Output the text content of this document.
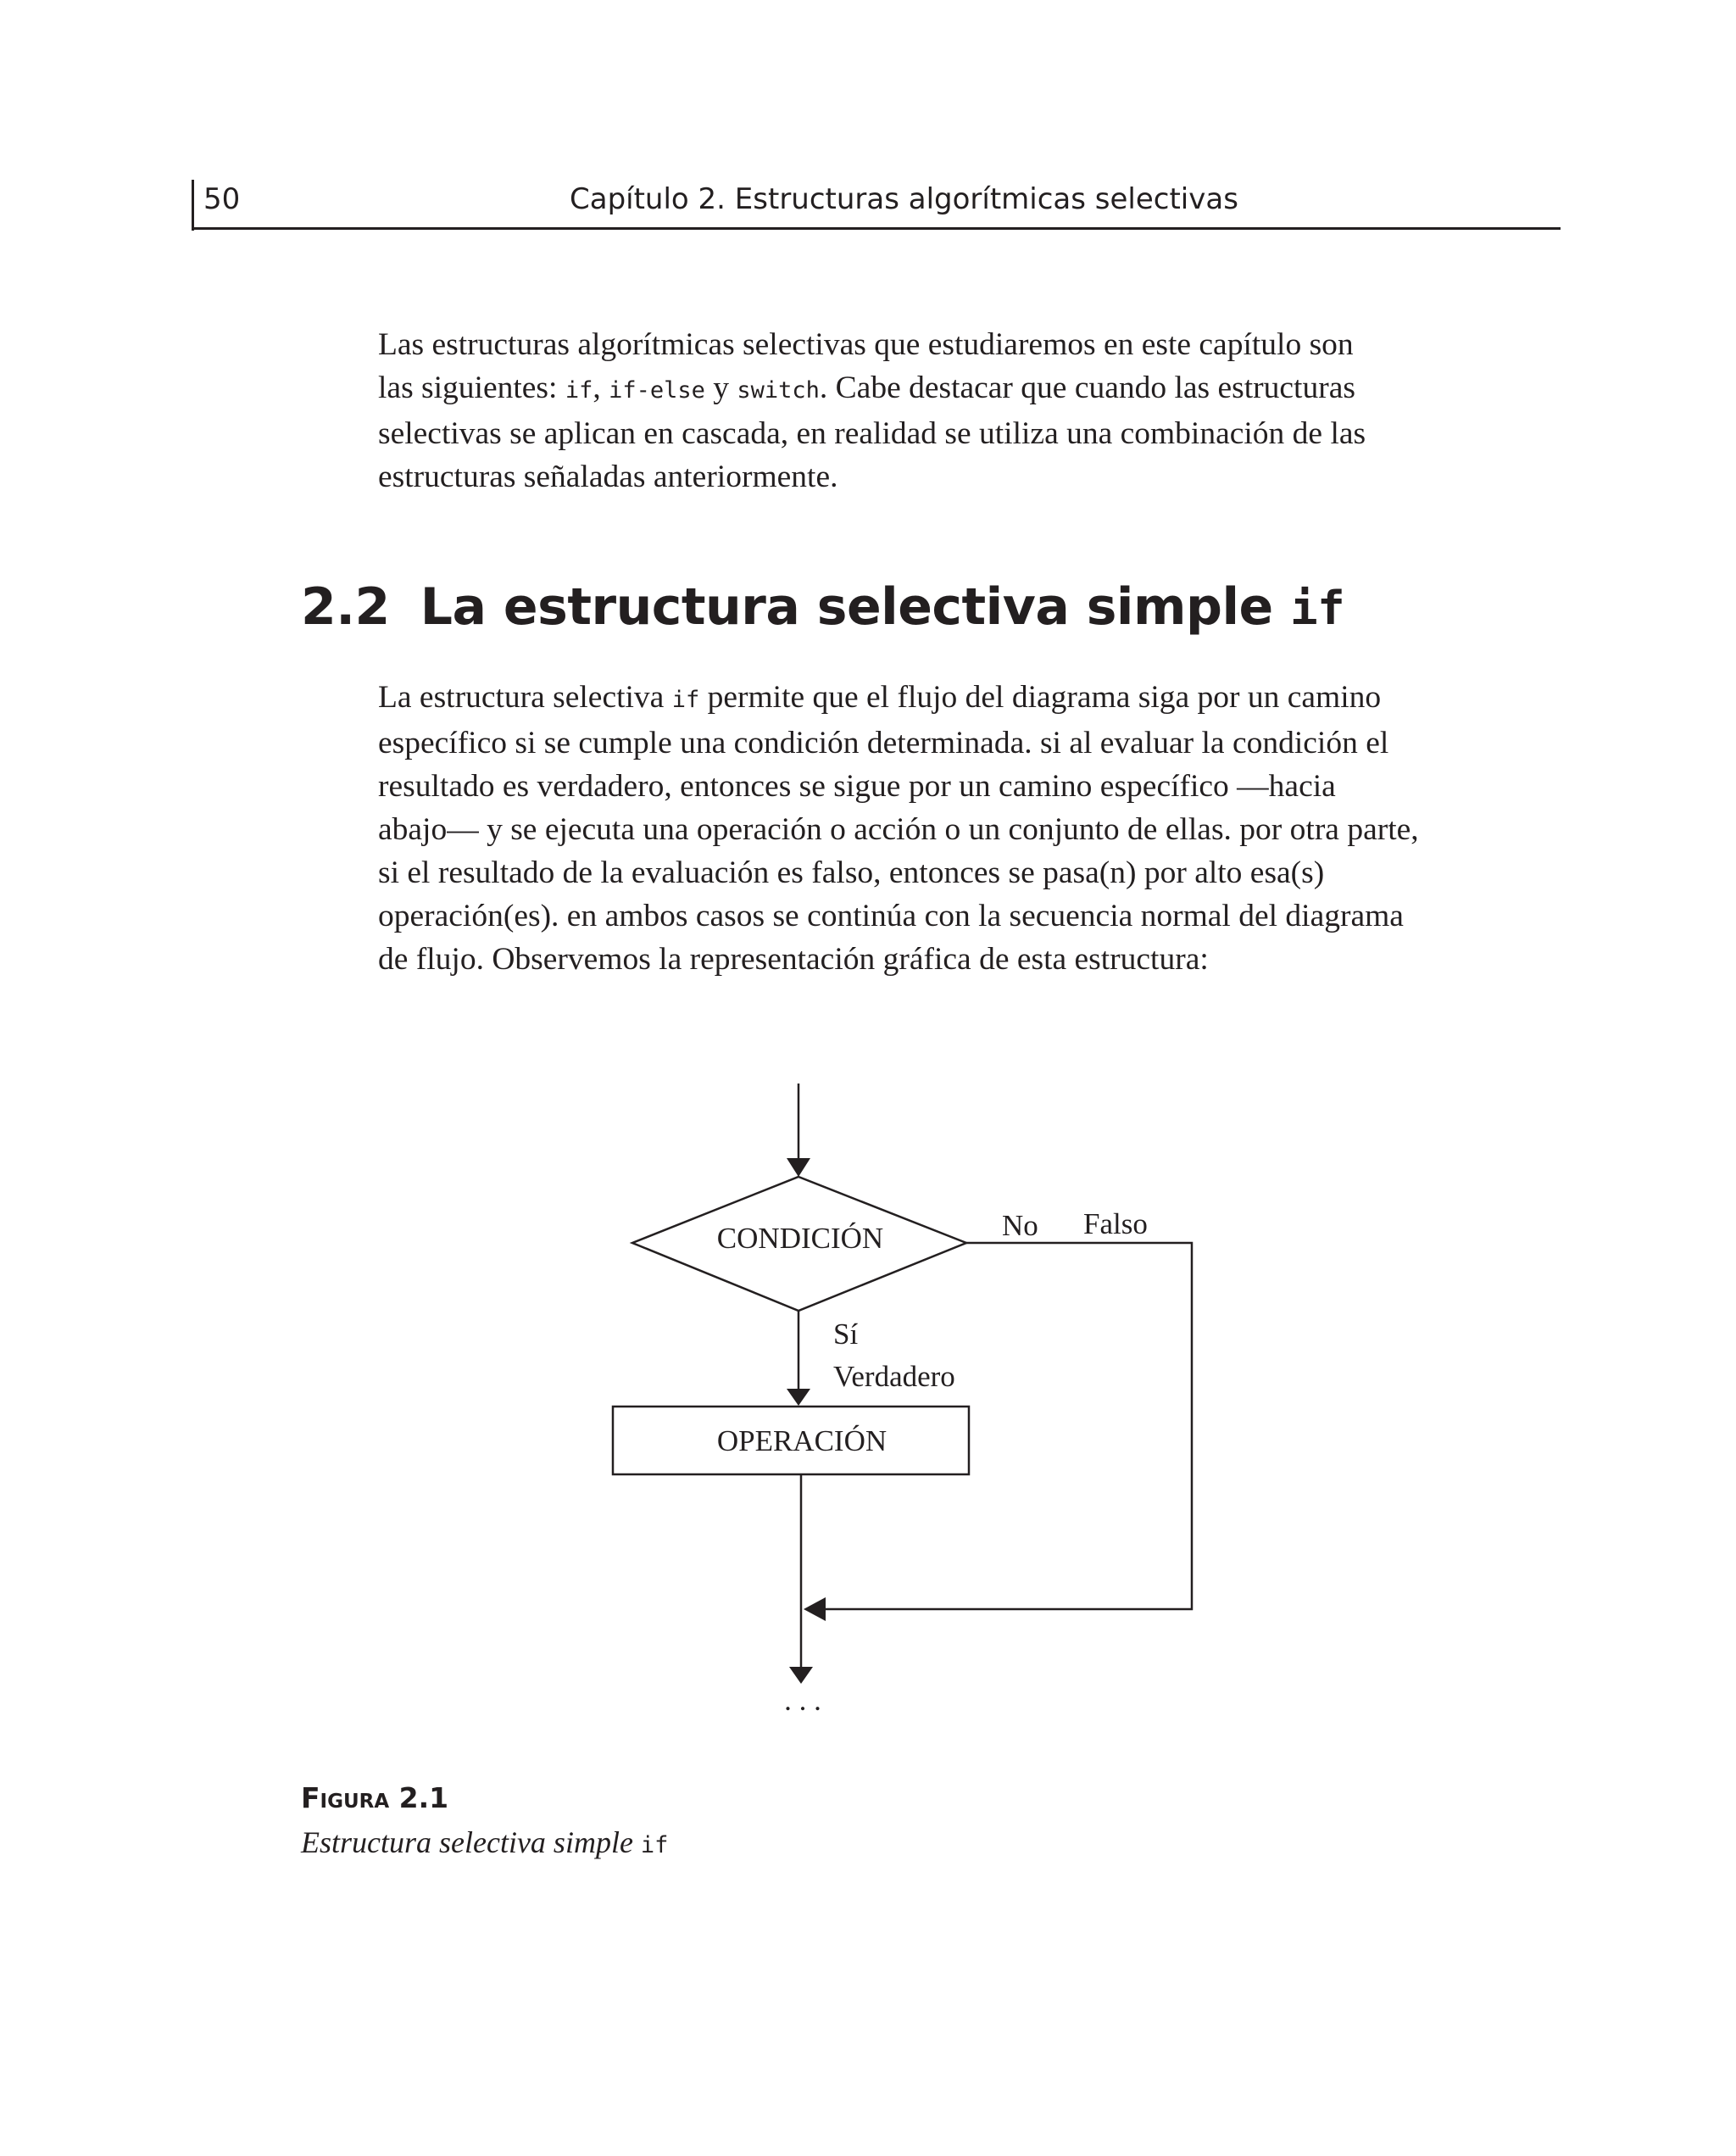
50	Capítulo 2. Estructuras algorítmicas selectivas
Las estructuras algorítmicas selectivas que estudiaremos en este capítulo son
las siguientes: if, if-else y switch. Cabe destacar que cuando las estructuras
selectivas se aplican en cascada, en realidad se utiliza una combinación de las
estructuras señaladas anteriormente.
2.2 La estructura selectiva simple if
La estructura selectiva if permite que el flujo del diagrama siga por un camino
específico si se cumple una condición determinada. si al evaluar la condición el
resultado es verdadero, entonces se sigue por un camino específico —hacia
abajo— y se ejecuta una operación o acción o un conjunto de ellas. por otra parte,
si el resultado de la evaluación es falso, entonces se pasa(n) por alto esa(s)
operación(es). en ambos casos se continúa con la secuencia normal del diagrama
de flujo. Observemos la representación gráfica de esta estructura:
CONDICIÓN	No Falso
Sí
Verdadero
OPERACIÓN
. . .
Figura 2.1
Estructura selectiva simple if
